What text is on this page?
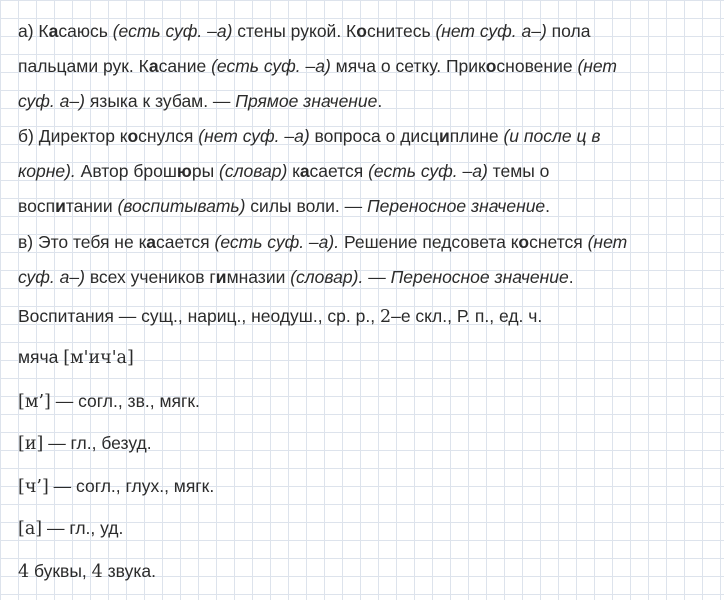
а) Касаюсь (есть суф. –а) стены рукой. Коснитесь (нет суф. а–) пола
пальцами рук. Касание (есть суф. –а) мяча о сетку. Прикосновение (нет
суф. а–) языка к зубам. — Прямое значение.
б) Директор коснулся (нет суф. –а) вопроса о дисциплине (и после ц в
корне). Автор брошюры (словар) касается (есть суф. –а) темы о
воспитании (воспитывать) силы воли. — Переносное значение.
в) Это тебя не касается (есть суф. –а). Решение педсовета коснется (нет
суф. а–) всех учеников гимназии (словар). — Переносное значение.
Воспитания — сущ., нариц., неодуш., ср. р., 2–е скл., Р. п., ед. ч.
мяча [м'ич'а]
[м’] — согл., зв., мягк.
[и] — гл., безуд.
[ч’] — согл., глух., мягк.
[а] — гл., уд.
4 буквы, 4 звука.
